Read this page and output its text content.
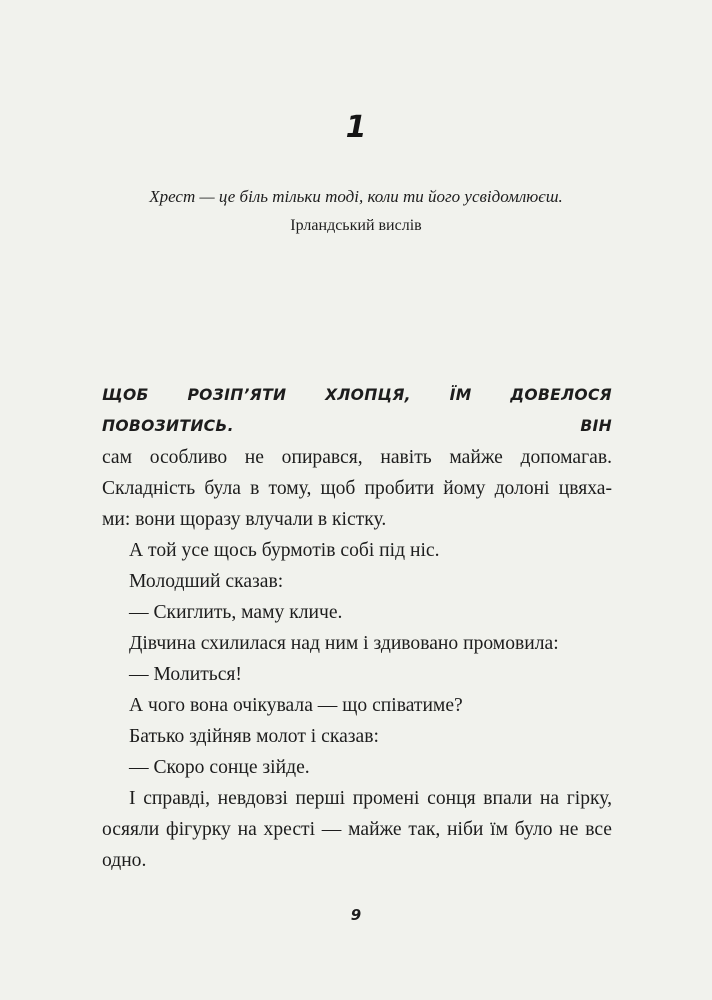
1
Хрест — це біль тільки тоді, коли ти його усвідомлюєш.
Ірландський вислів

ЩОБ РОЗІП’ЯТИ ХЛОПЦЯ, ЇМ ДОВЕЛОСЯ ПОВОЗИТИСЬ. ВІН

сам особливо не опирався, навіть майже допомагав.

Складність була в тому, щоб пробити йому долоні цвяха-

ми: вони щоразу влучали в кістку.

А той усе щось бурмотів собі під ніс.

Молодший сказав:

— Скиглить, маму кличе.

Дівчина схилилася над ним і здивовано промовила:

— Молиться!

А чого вона очікувала — що співатиме?

Батько здійняв молот і сказав:

— Скоро сонце зійде.

І справді, невдовзі перші промені сонця впали на гірку,

осяяли фігурку на хресті — майже так, ніби їм було не все

одно.

9
